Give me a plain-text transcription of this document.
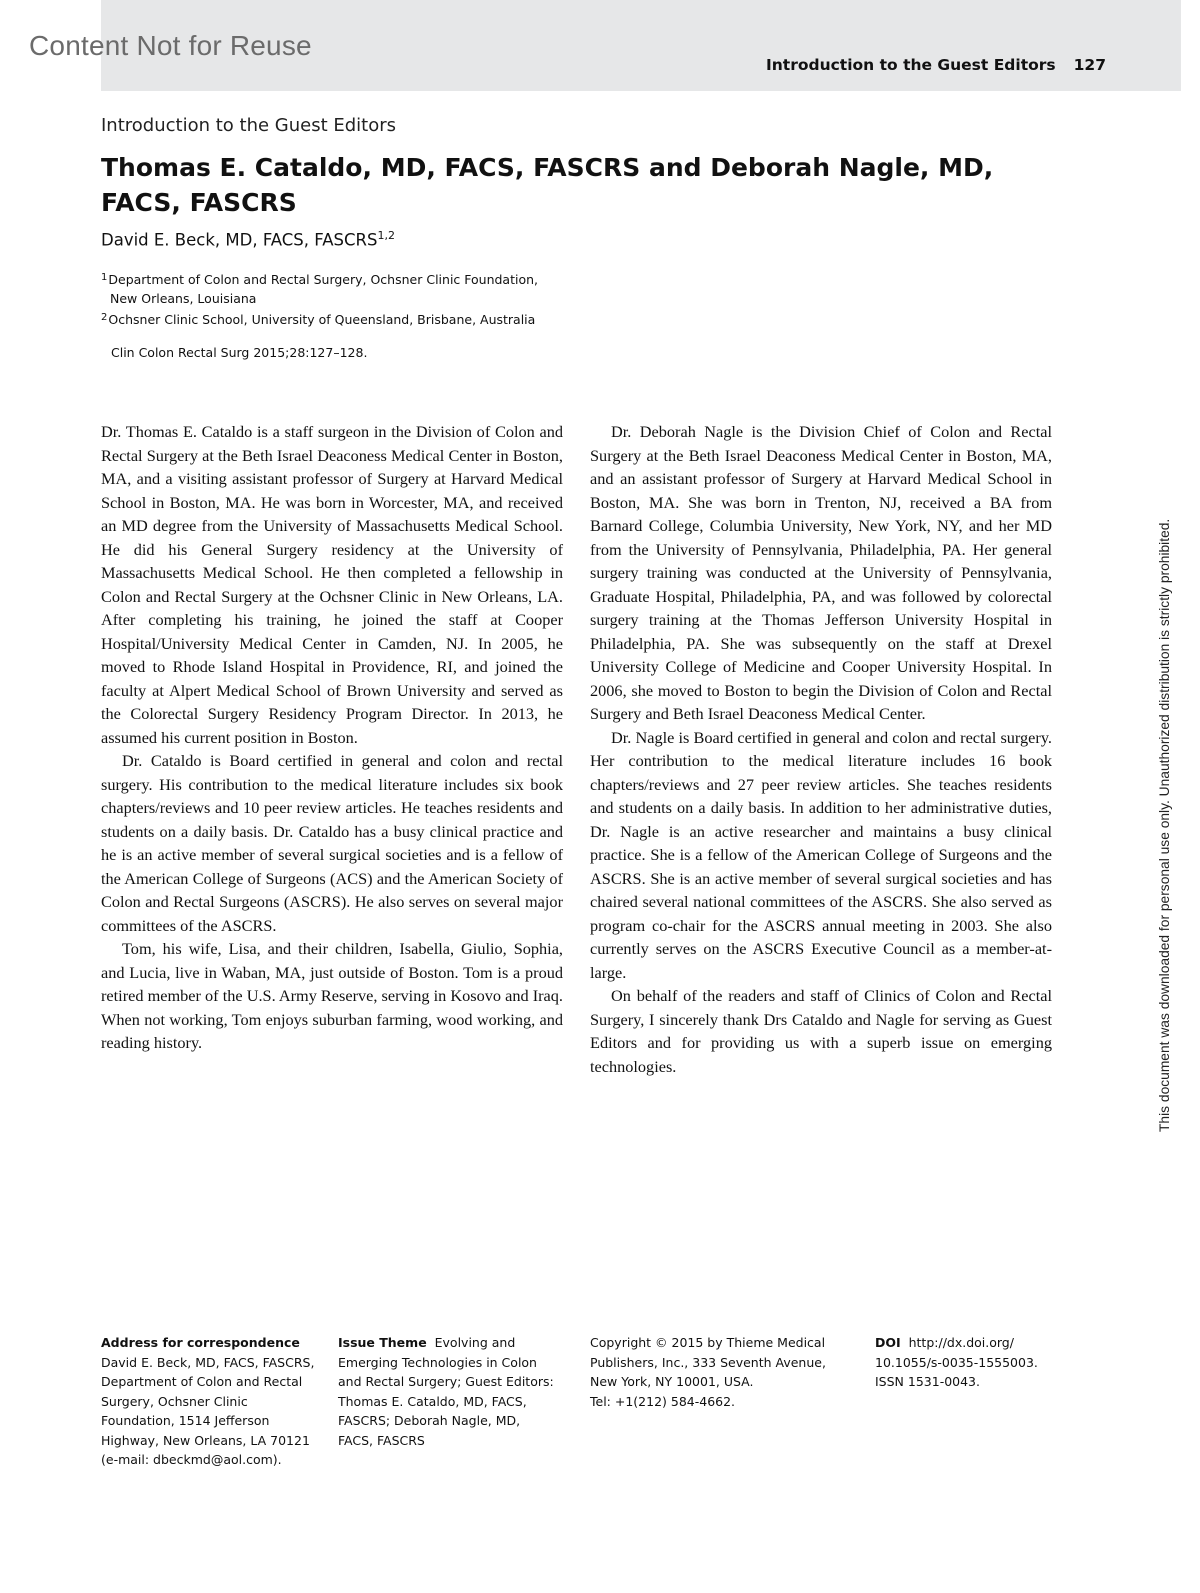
Content Not for Reuse
Introduction to the Guest Editors 127
Introduction to the Guest Editors
Thomas E. Cataldo, MD, FACS, FASCRS and Deborah Nagle, MD, FACS, FASCRS
David E. Beck, MD, FACS, FASCRS$^{1,2}$
$^1$Department of Colon and Rectal Surgery, Ochsner Clinic Foundation,
New Orleans, Louisiana
$^2$Ochsner Clinic School, University of Queensland, Brisbane, Australia
Clin Colon Rectal Surg 2015;28:127–128.

Dr. Thomas E. Cataldo is a staff surgeon in the Division of Colon and Rectal Surgery at the Beth Israel Deaconess Medical Center in Boston, MA, and a visiting assistant professor of Surgery at Harvard Medical School in Boston, MA. He was born in Worcester, MA, and received an MD degree from the University of Massachusetts Medical School. He did his General Surgery residency at the University of Massachusetts Medical School. He then completed a fellowship in Colon and Rectal Surgery at the Ochsner Clinic in New Orleans, LA. After completing his training, he joined the staff at Cooper Hospital/University Medical Center in Camden, NJ. In 2005, he moved to Rhode Island Hospital in Providence, RI, and joined the faculty at Alpert Medical School of Brown University and served as the Colorectal Surgery Residency Program Director. In 2013, he assumed his current position in Boston.

Dr. Cataldo is Board certified in general and colon and rectal surgery. His contribution to the medical literature includes six book chapters/reviews and 10 peer review articles. He teaches residents and students on a daily basis. Dr. Cataldo has a busy clinical practice and he is an active member of several surgical societies and is a fellow of the American College of Surgeons (ACS) and the American Society of Colon and Rectal Surgeons (ASCRS). He also serves on several major committees of the ASCRS.

Tom, his wife, Lisa, and their children, Isabella, Giulio, Sophia, and Lucia, live in Waban, MA, just outside of Boston. Tom is a proud retired member of the U.S. Army Reserve, serving in Kosovo and Iraq. When not working, Tom enjoys suburban farming, wood working, and reading history.

Dr. Deborah Nagle is the Division Chief of Colon and Rectal Surgery at the Beth Israel Deaconess Medical Center in Boston, MA, and an assistant professor of Surgery at Harvard Medical School in Boston, MA. She was born in Trenton, NJ, received a BA from Barnard College, Columbia University, New York, NY, and her MD from the University of Pennsylvania, Philadelphia, PA. Her general surgery training was conducted at the University of Pennsylvania, Graduate Hospital, Philadelphia, PA, and was followed by colorectal surgery training at the Thomas Jefferson University Hospital in Philadelphia, PA. She was subsequently on the staff at Drexel University College of Medicine and Cooper University Hospital. In 2006, she moved to Boston to begin the Division of Colon and Rectal Surgery and Beth Israel Deaconess Medical Center.

Dr. Nagle is Board certified in general and colon and rectal surgery. Her contribution to the medical literature includes 16 book chapters/reviews and 27 peer review articles. She teaches residents and students on a daily basis. In addition to her administrative duties, Dr. Nagle is an active researcher and maintains a busy clinical practice. She is a fellow of the American College of Surgeons and the ASCRS. She is an active member of several surgical societies and has chaired several national committees of the ASCRS. She also served as program co-chair for the ASCRS annual meeting in 2003. She also currently serves on the ASCRS Executive Council as a member-at-large.

On behalf of the readers and staff of Clinics of Colon and Rectal Surgery, I sincerely thank Drs Cataldo and Nagle for serving as Guest Editors and for providing us with a superb issue on emerging technologies.	This document was downloaded for personal use only. Unauthorized distribution is strictly prohibited.
Address for correspondence
David E. Beck, MD, FACS, FASCRS,
Department of Colon and Rectal
Surgery, Ochsner Clinic
Foundation, 1514 Jefferson
Highway, New Orleans, LA 70121
(e-mail: dbeckmd@aol.com).
Issue Theme Evolving and
Emerging Technologies in Colon
and Rectal Surgery; Guest Editors:
Thomas E. Cataldo, MD, FACS,
FASCRS; Deborah Nagle, MD,
FACS, FASCRS
Copyright © 2015 by Thieme Medical
Publishers, Inc., 333 Seventh Avenue,
New York, NY 10001, USA.
Tel: +1(212) 584-4662.
DOI http://dx.doi.org/
10.1055/s-0035-1555003.
ISSN 1531-0043.
